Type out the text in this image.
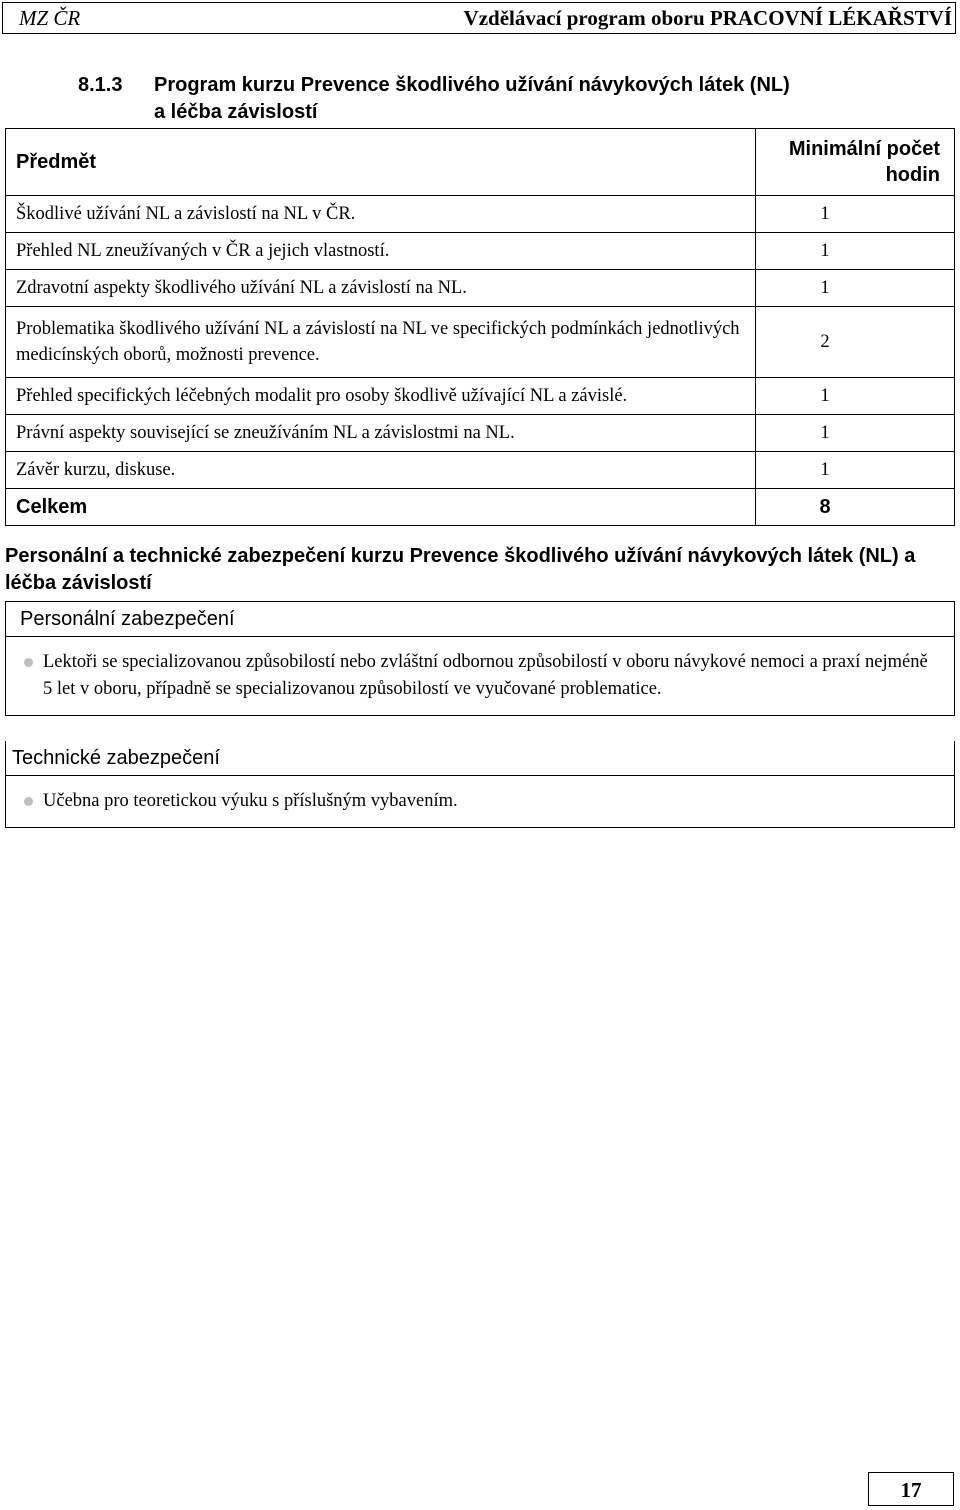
MZ ČR	Vzdělávací program oboru PRACOVNÍ LÉKAŘSTVÍ
8.1.3 Program kurzu Prevence škodlivého užívání návykových látek (NL)
a léčba závislostí
Předmět	Minimální počet hodin
Škodlivé užívání NL a závislostí na NL v ČR.	1
Přehled NL zneužívaných v ČR a jejich vlastností.	1
Zdravotní aspekty škodlivého užívání NL a závislostí na NL.	1
Problematika škodlivého užívání NL a závislostí na NL ve specifických podmínkách jednotlivých medicínských oborů, možnosti prevence.	2
Přehled specifických léčebných modalit pro osoby škodlivě užívající NL a závislé.	1
Právní aspekty související se zneužíváním NL a závislostmi na NL.	1
Závěr kurzu, diskuse.	1
Celkem	8
Personální a technické zabezpečení kurzu Prevence škodlivého užívání návykových látek (NL) a léčba závislostí
Personální zabezpečení
Lektoři se specializovanou způsobilostí nebo zvláštní odbornou způsobilostí v oboru návykové nemoci a praxí nejméně 5 let v oboru, případně se specializovanou způsobilostí ve vyučované problematice.
Technické zabezpečení
Učebna pro teoretickou výuku s příslušným vybavením.
17
